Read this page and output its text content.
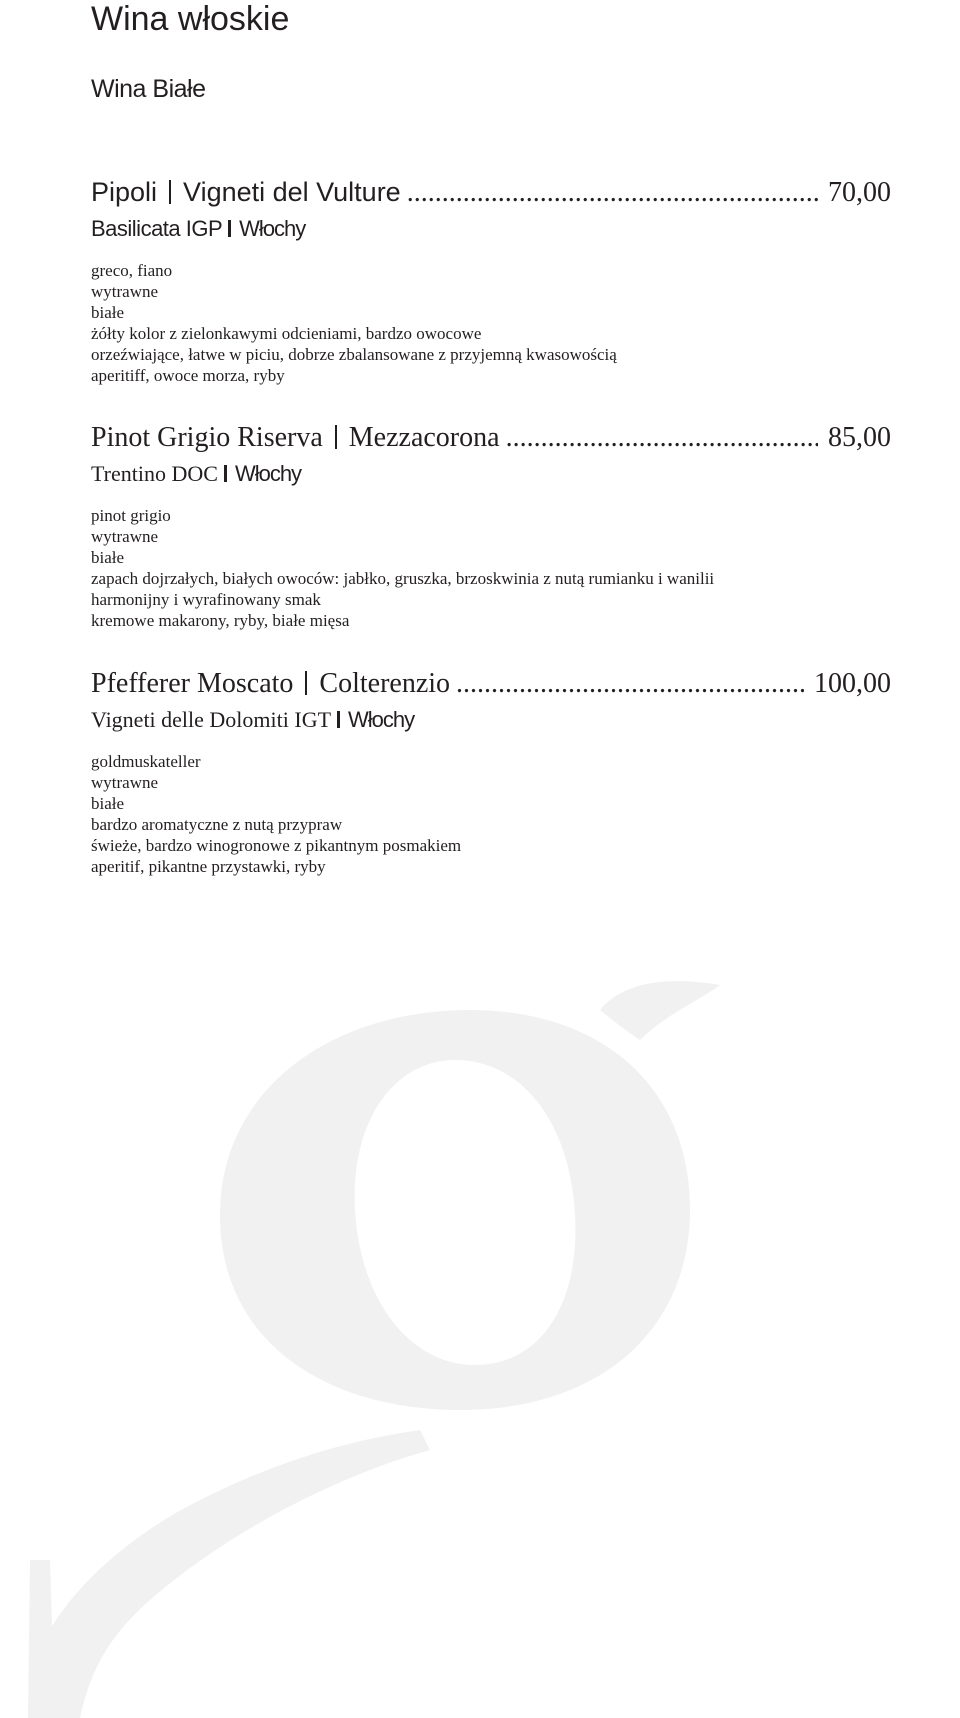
Wina włoskie
Wina Białe
Pipoli Vigneti del Vulture .....	70,00
Basilicata IGP Włochy
greco, fiano
wytrawne
białe
żółty kolor z zielonkawymi odcieniami, bardzo owocowe
orzeźwiające, łatwe w piciu, dobrze zbalansowane z przyjemną kwasowością
aperitiff, owoce morza, ryby
Pinot Grigio Riserva Mezzacorona .....	85,00
Trentino DOC Włochy
pinot grigio
wytrawne
białe
zapach dojrzałych, białych owoców: jabłko, gruszka, brzoskwinia z nutą rumianku i wanilii
harmonijny i wyrafinowany smak
kremowe makarony, ryby, białe mięsa
Pfefferer Moscato Colterenzio .....	100,00
Vigneti delle Dolomiti IGT Włochy
goldmuskateller
wytrawne
białe
bardzo aromatyczne z nutą przypraw
świeże, bardzo winogronowe z pikantnym posmakiem
aperitif, pikantne przystawki, ryby
